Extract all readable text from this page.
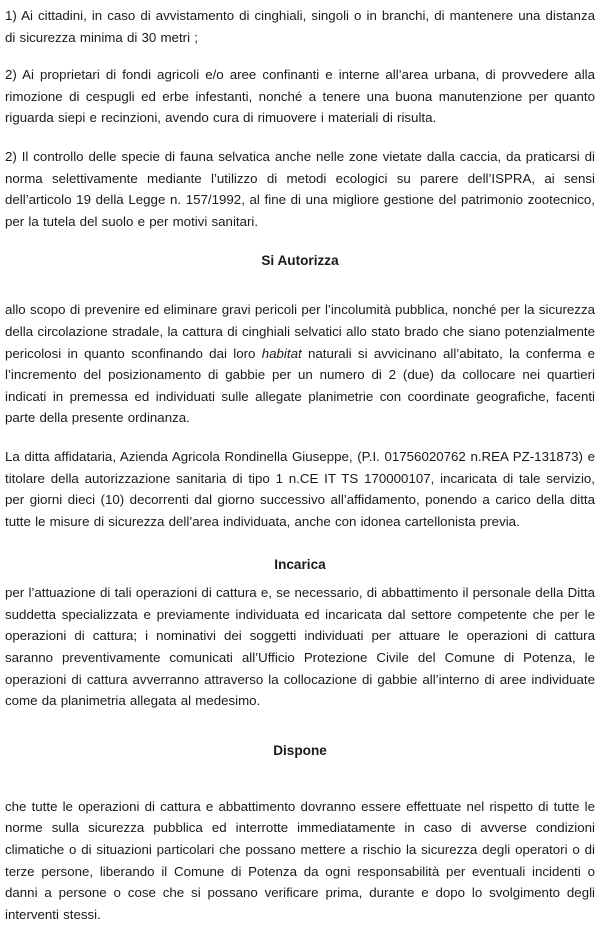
1) Ai cittadini, in caso di avvistamento di cinghiali, singoli o in branchi, di mantenere una distanza di sicurezza minima di 30 metri ;

2) Ai proprietari di fondi agricoli e/o aree confinanti e interne all’area urbana, di provvedere alla rimozione di cespugli ed erbe infestanti, nonché a tenere una buona manutenzione per quanto riguarda siepi e recinzioni, avendo cura di rimuovere i materiali di risulta.

2) Il controllo delle specie di fauna selvatica anche nelle zone vietate dalla caccia, da praticarsi di norma selettivamente mediante l’utilizzo di metodi ecologici su parere dell’ISPRA, ai sensi dell’articolo 19 della Legge n. 157/1992, al fine di una migliore gestione del patrimonio zootecnico, per la tutela del suolo e per motivi sanitari.

Si Autorizza

allo scopo di prevenire ed eliminare gravi pericoli per l’incolumità pubblica, nonché per la sicurezza della circolazione stradale, la cattura di cinghiali selvatici allo stato brado che siano potenzialmente pericolosi in quanto sconfinando dai loro habitat naturali si avvicinano all’abitato, la conferma e l’incremento del posizionamento di gabbie per un numero di 2 (due) da collocare nei quartieri indicati in premessa ed individuati sulle allegate planimetrie con coordinate geografiche, facenti parte della presente ordinanza.

La ditta affidataria, Azienda Agricola Rondinella Giuseppe, (P.I. 01756020762 n.REA PZ-131873) e titolare della autorizzazione sanitaria di tipo 1 n.CE IT TS 170000107, incaricata di tale servizio, per giorni dieci (10) decorrenti dal giorno successivo all’affidamento, ponendo a carico della ditta tutte le misure di sicurezza dell’area individuata, anche con idonea cartellonista previa.

Incarica

per l’attuazione di tali operazioni di cattura e, se necessario, di abbattimento il personale della Ditta suddetta specializzata e previamente individuata ed incaricata dal settore competente che per le operazioni di cattura; i nominativi dei soggetti individuati per attuare le operazioni di cattura saranno preventivamente comunicati all’Ufficio Protezione Civile del Comune di Potenza, le operazioni di cattura avverranno attraverso la collocazione di gabbie all’interno di aree individuate come da planimetria allegata al medesimo.

Dispone

che tutte le operazioni di cattura e abbattimento dovranno essere effettuate nel rispetto di tutte le norme sulla sicurezza pubblica ed interrotte immediatamente in caso di avverse condizioni climatiche o di situazioni particolari che possano mettere a rischio la sicurezza degli operatori o di terze persone, liberando il Comune di Potenza da ogni responsabilità per eventuali incidenti o danni a persone o cose che si possano verificare prima, durante e dopo lo svolgimento degli interventi stessi.
